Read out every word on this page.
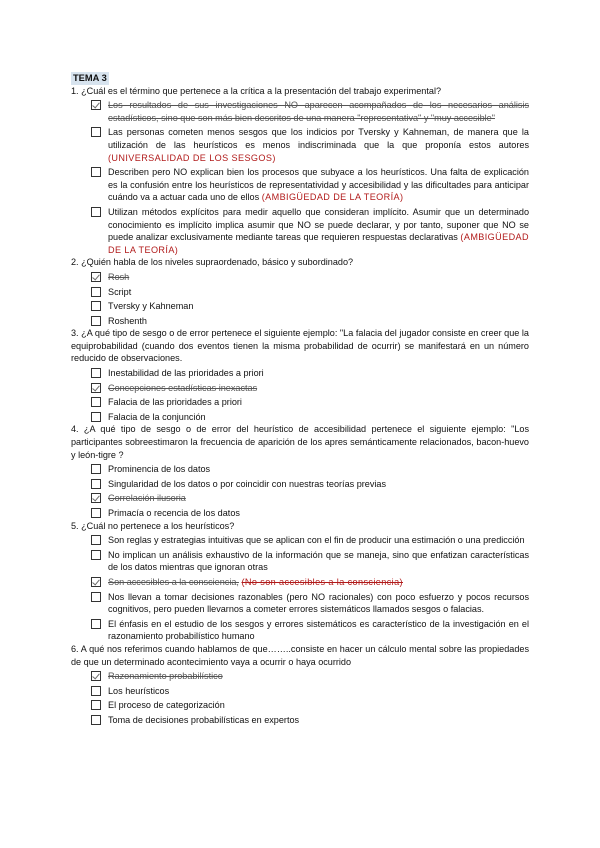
TEMA 3

1. ¿Cuál es el término que pertenece a la crítica a la presentación del trabajo experimental?

Los resultados de sus investigaciones NO aparecen acompañados de los necesarios análisis estadísticos, sino que son más bien descritos de una manera "representativa" y "muy accesible"
Las personas cometen menos sesgos que los indicios por Tversky y Kahneman, de manera que la utilización de las heurísticos es menos indiscriminada que la que proponía estos autores (UNIVERSALIDAD DE LOS SESGOS)
Describen pero NO explican bien los procesos que subyace a los heurísticos. Una falta de explicación es la confusión entre los heurísticos de representatividad y accesibilidad y las dificultades para anticipar cuándo va a actuar cada uno de ellos (AMBIGÜEDAD DE LA TEORÍA)
Utilizan métodos explícitos para medir aquello que consideran implícito. Asumir que un determinado conocimiento es implícito implica asumir que NO se puede declarar, y por tanto, suponer que NO se puede analizar exclusivamente mediante tareas que requieren respuestas declarativas (AMBIGÜEDAD DE LA TEORÍA)

2. ¿Quién habla de los niveles supraordenado, básico y subordinado?

Rosh
Script
Tversky y Kahneman
Roshenth

3. ¿A qué tipo de sesgo o de error pertenece el siguiente ejemplo: "La falacia del jugador consiste en creer que la equiprobabilidad (cuando dos eventos tienen la misma probabilidad de ocurrir) se manifestará en un número reducido de observaciones.

Inestabilidad de las prioridades a priori
Concepciones estadísticas inexactas
Falacia de las prioridades a priori
Falacia de la conjunción

4. ¿A qué tipo de sesgo o de error del heurístico de accesibilidad pertenece el siguiente ejemplo: "Los participantes sobreestimaron la frecuencia de aparición de los apres semánticamente relacionados, bacon-huevo y león-tigre ?

Prominencia de los datos
Singularidad de los datos o por coincidir con nuestras teorías previas
Correlación ilusoria
Primacía o recencia de los datos

5. ¿Cuál no pertenece a los heurísticos?

Son reglas y estrategias intuitivas que se aplican con el fin de producir una estimación o una predicción
No implican un análisis exhaustivo de la información que se maneja, sino que enfatizan características de los datos mientras que ignoran otras
Son accesibles a la consciencia, (No son accesibles a la consciencia)
Nos llevan a tomar decisiones razonables (pero NO racionales) con poco esfuerzo y pocos recursos cognitivos, pero pueden llevarnos a cometer errores sistemáticos llamados sesgos o falacias.
El énfasis en el estudio de los sesgos y errores sistemáticos es característico de la investigación en el razonamiento probabilístico humano

6. A qué nos referimos cuando hablamos de que……..consiste en hacer un cálculo mental sobre las propiedades de que un determinado acontecimiento vaya a ocurrir o haya ocurrido

Razonamiento probabilístico
Los heurísticos
El proceso de categorización
Toma de decisiones probabilísticas en expertos
